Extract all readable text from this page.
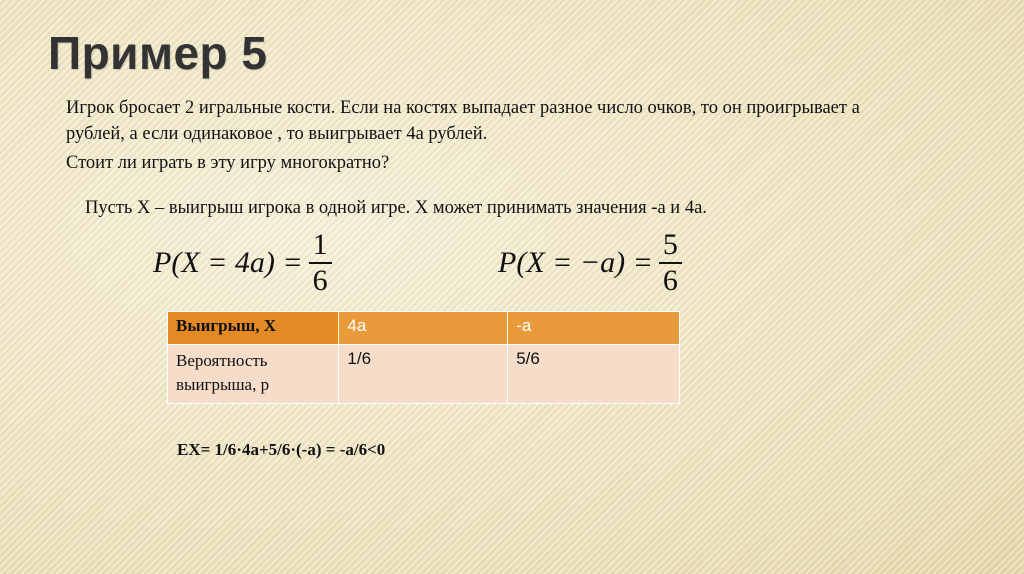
Пример 5
Игрок бросает 2 игральные кости. Если на костях выпадает разное число очков, то он проигрывает а рублей, а если одинаковое , то выигрывает 4а рублей.
Стоит ли играть в эту игру многократно?
Пусть Х – выигрыш игрока в одной игре. Х может принимать значения -а и 4а.
$P(X = 4a) = \frac{1}{6}$	$P(X = -a) = \frac{5}{6}$
Выигрыш, Х	4а	-а
Вероятность выигрыша, р	1/6	5/6
ЕХ= 1/6·4а+5/6·(-а) = -а/6<0
